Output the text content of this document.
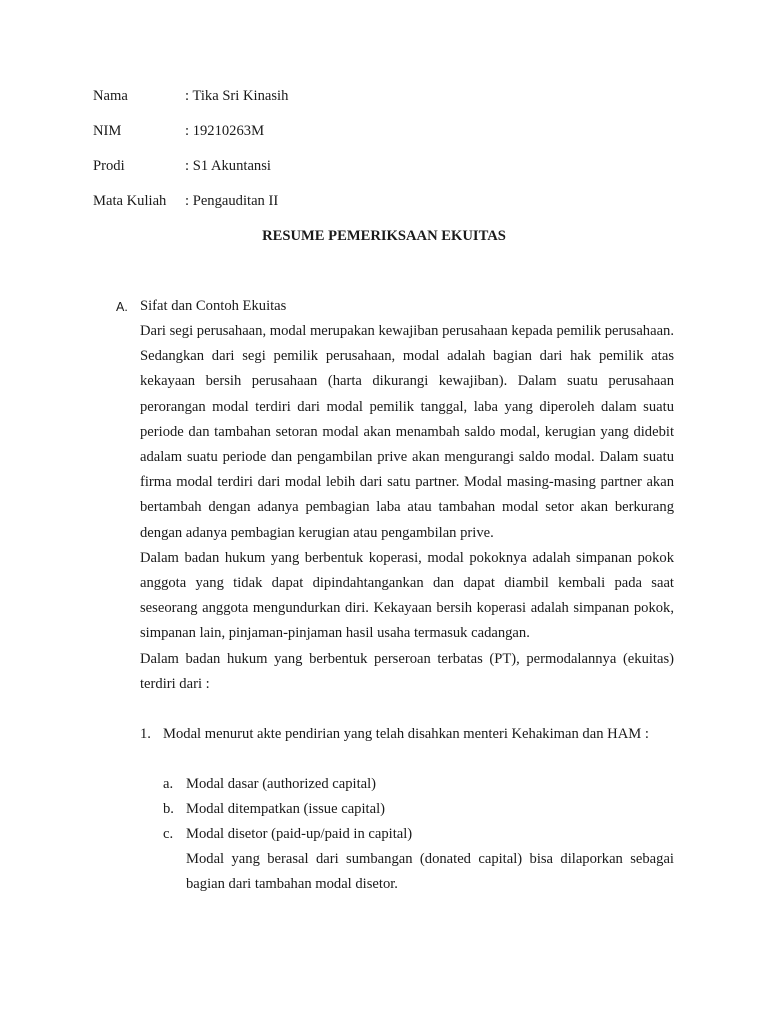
Nama	: Tika Sri Kinasih
NIM	: 19210263M
Prodi	: S1 Akuntansi
Mata Kuliah : Pengauditan II
RESUME PEMERIKSAAN EKUITAS
A. Sifat dan Contoh Ekuitas

Dari segi perusahaan, modal merupakan kewajiban perusahaan kepada pemilik perusahaan. Sedangkan dari segi pemilik perusahaan, modal adalah bagian dari hak pemilik atas kekayaan bersih perusahaan (harta dikurangi kewajiban). Dalam suatu perusahaan perorangan modal terdiri dari modal pemilik tanggal, laba yang diperoleh dalam suatu periode dan tambahan setoran modal akan menambah saldo modal, kerugian yang didebit adalam suatu periode dan pengambilan prive akan mengurangi saldo modal. Dalam suatu firma modal terdiri dari modal lebih dari satu partner. Modal masing-masing partner akan bertambah dengan adanya pembagian laba atau tambahan modal setor akan berkurang dengan adanya pembagian kerugian atau pengambilan prive.

Dalam badan hukum yang berbentuk koperasi, modal pokoknya adalah simpanan pokok anggota yang tidak dapat dipindahtangankan dan dapat diambil kembali pada saat seseorang anggota mengundurkan diri. Kekayaan bersih koperasi adalah simpanan pokok, simpanan lain, pinjaman-pinjaman hasil usaha termasuk cadangan.

Dalam badan hukum yang berbentuk perseroan terbatas (PT), permodalannya (ekuitas) terdiri dari :

1. Modal menurut akte pendirian yang telah disahkan menteri Kehakiman dan HAM :
a. Modal dasar (authorized capital)
b. Modal ditempatkan (issue capital)
c. Modal disetor (paid-up/paid in capital)
Modal yang berasal dari sumbangan (donated capital) bisa dilaporkan sebagai bagian dari tambahan modal disetor.
